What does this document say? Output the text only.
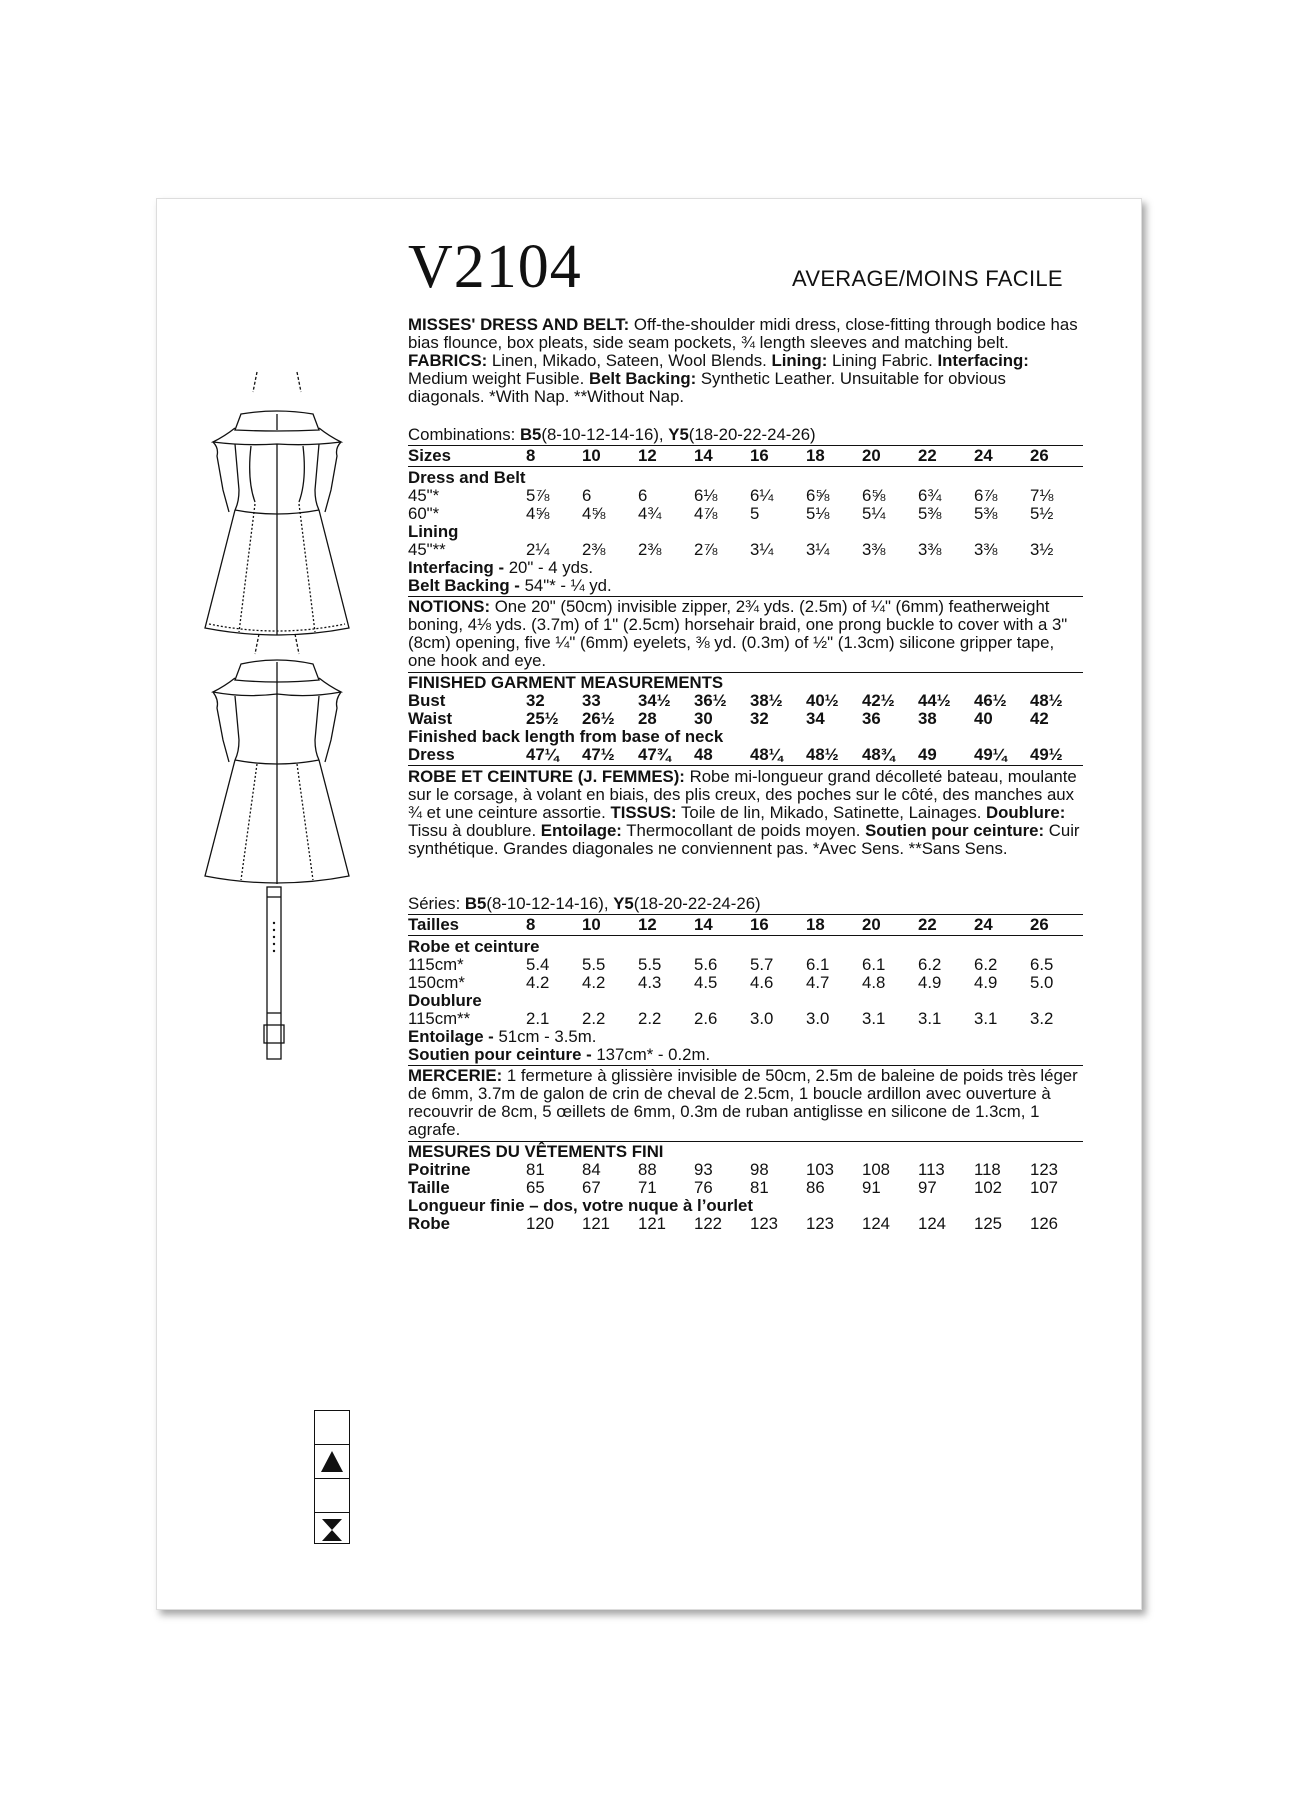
V2104	AVERAGE/MOINS FACILE
MISSES' DRESS AND BELT: Off-the-shoulder midi dress, close-fitting through bodice has bias flounce, box pleats, side seam pockets, ¾ length sleeves and matching belt. FABRICS: Linen, Mikado, Sateen, Wool Blends. Lining: Lining Fabric. Interfacing: Medium weight Fusible. Belt Backing: Synthetic Leather. Unsuitable for obvious diagonals. *With Nap. **Without Nap.
Combinations: B5(8-10-12-14-16), Y5(18-20-22-24-26)
Sizes	8	10	12	14	16	18	20	22	24	26
Dress and Belt
45"*	5⅞	6	6	6⅛	6¼	6⅝	6⅝	6¾	6⅞	7⅛
60"*	4⅝	4⅝	4¾	4⅞	5	5⅛	5¼	5⅜	5⅜	5½
Lining
45"**	2¼	2⅜	2⅜	2⅞	3¼	3¼	3⅜	3⅜	3⅜	3½
Interfacing - 20" - 4 yds.
Belt Backing - 54"* - ¼ yd.
NOTIONS: One 20" (50cm) invisible zipper, 2¾ yds. (2.5m) of ¼" (6mm) featherweight boning, 4⅛ yds. (3.7m) of 1" (2.5cm) horsehair braid, one prong buckle to cover with a 3" (8cm) opening, five ¼" (6mm) eyelets, ⅜ yd. (0.3m) of ½" (1.3cm) silicone gripper tape, one hook and eye.
FINISHED GARMENT MEASUREMENTS
Bust	32	33	34½	36½	38½	40½	42½	44½	46½	48½
Waist	25½	26½	28	30	32	34	36	38	40	42
Finished back length from base of neck
Dress	47¼	47½	47¾	48	48¼	48½	48¾	49	49¼	49½
ROBE ET CEINTURE (J. FEMMES): Robe mi-longueur grand décolleté bateau, moulante sur le corsage, à volant en biais, des plis creux, des poches sur le côté, des manches aux ¾ et une ceinture assortie. TISSUS: Toile de lin, Mikado, Satinette, Lainages. Doublure: Tissu à doublure. Entoilage: Thermocollant de poids moyen. Soutien pour ceinture: Cuir synthétique. Grandes diagonales ne conviennent pas. *Avec Sens. **Sans Sens.
Séries: B5(8-10-12-14-16), Y5(18-20-22-24-26)
Tailles	8	10	12	14	16	18	20	22	24	26
Robe et ceinture
115cm*	5.4	5.5	5.5	5.6	5.7	6.1	6.1	6.2	6.2	6.5
150cm*	4.2	4.2	4.3	4.5	4.6	4.7	4.8	4.9	4.9	5.0
Doublure
115cm**	2.1	2.2	2.2	2.6	3.0	3.0	3.1	3.1	3.1	3.2
Entoilage - 51cm - 3.5m.
Soutien pour ceinture - 137cm* - 0.2m.
MERCERIE: 1 fermeture à glissière invisible de 50cm, 2.5m de baleine de poids très léger de 6mm, 3.7m de galon de crin de cheval de 2.5cm, 1 boucle ardillon avec ouverture à recouvrir de 8cm, 5 œillets de 6mm, 0.3m de ruban antiglisse en silicone de 1.3cm, 1 agrafe.
MESURES DU VÊTEMENTS FINI
Poitrine	81	84	88	93	98	103	108	113	118	123
Taille	65	67	71	76	81	86	91	97	102	107
Longueur finie – dos, votre nuque à l’ourlet
Robe	120	121	121	122	123	123	124	124	125	126
